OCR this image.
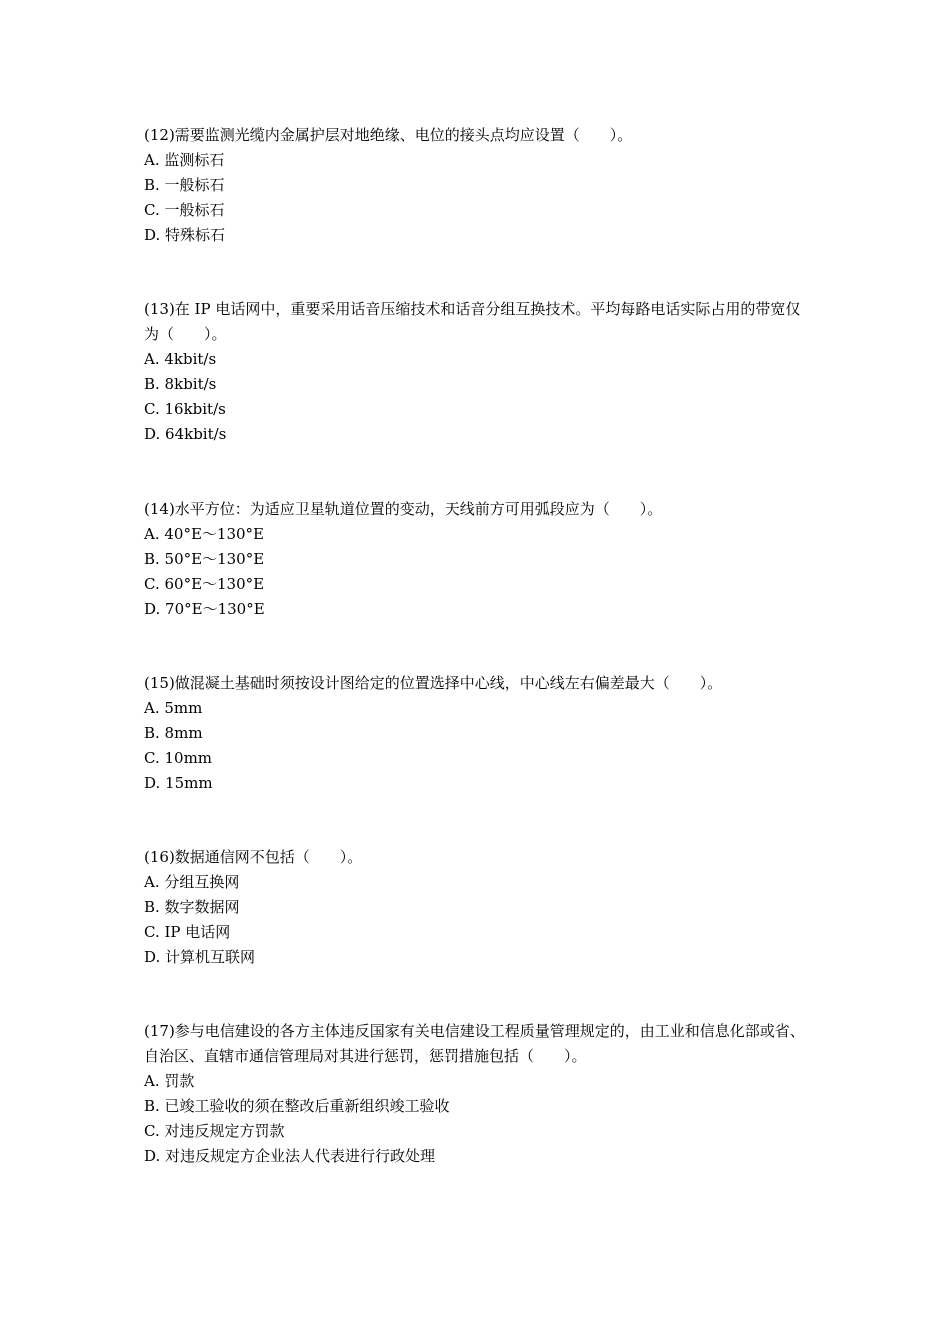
(12)需要监测光缆内金属护层对地绝缘、电位的接头点均应设置（　　）。

A. 监测标石

B. 一般标石

C. 一般标石

D. 特殊标石

(13)在 IP 电话网中，重要采用话音压缩技术和话音分组互换技术。平均每路电话实际占用的带宽仅为（　　）。

A. 4kbit/s

B. 8kbit/s

C. 16kbit/s

D. 64kbit/s

(14)水平方位：为适应卫星轨道位置的变动，天线前方可用弧段应为（　　）。

A. 40°E～130°E

B. 50°E～130°E

C. 60°E～130°E

D. 70°E～130°E

(15)做混凝土基础时须按设计图给定的位置选择中心线，中心线左右偏差最大（　　）。

A. 5mm

B. 8mm

C. 10mm

D. 15mm

(16)数据通信网不包括（　　）。

A. 分组互换网

B. 数字数据网

C. IP 电话网

D. 计算机互联网

(17)参与电信建设的各方主体违反国家有关电信建设工程质量管理规定的，由工业和信息化部或省、自治区、直辖市通信管理局对其进行惩罚，惩罚措施包括（　　）。

A. 罚款

B. 已竣工验收的须在整改后重新组织竣工验收

C. 对违反规定方罚款

D. 对违反规定方企业法人代表进行行政处理
